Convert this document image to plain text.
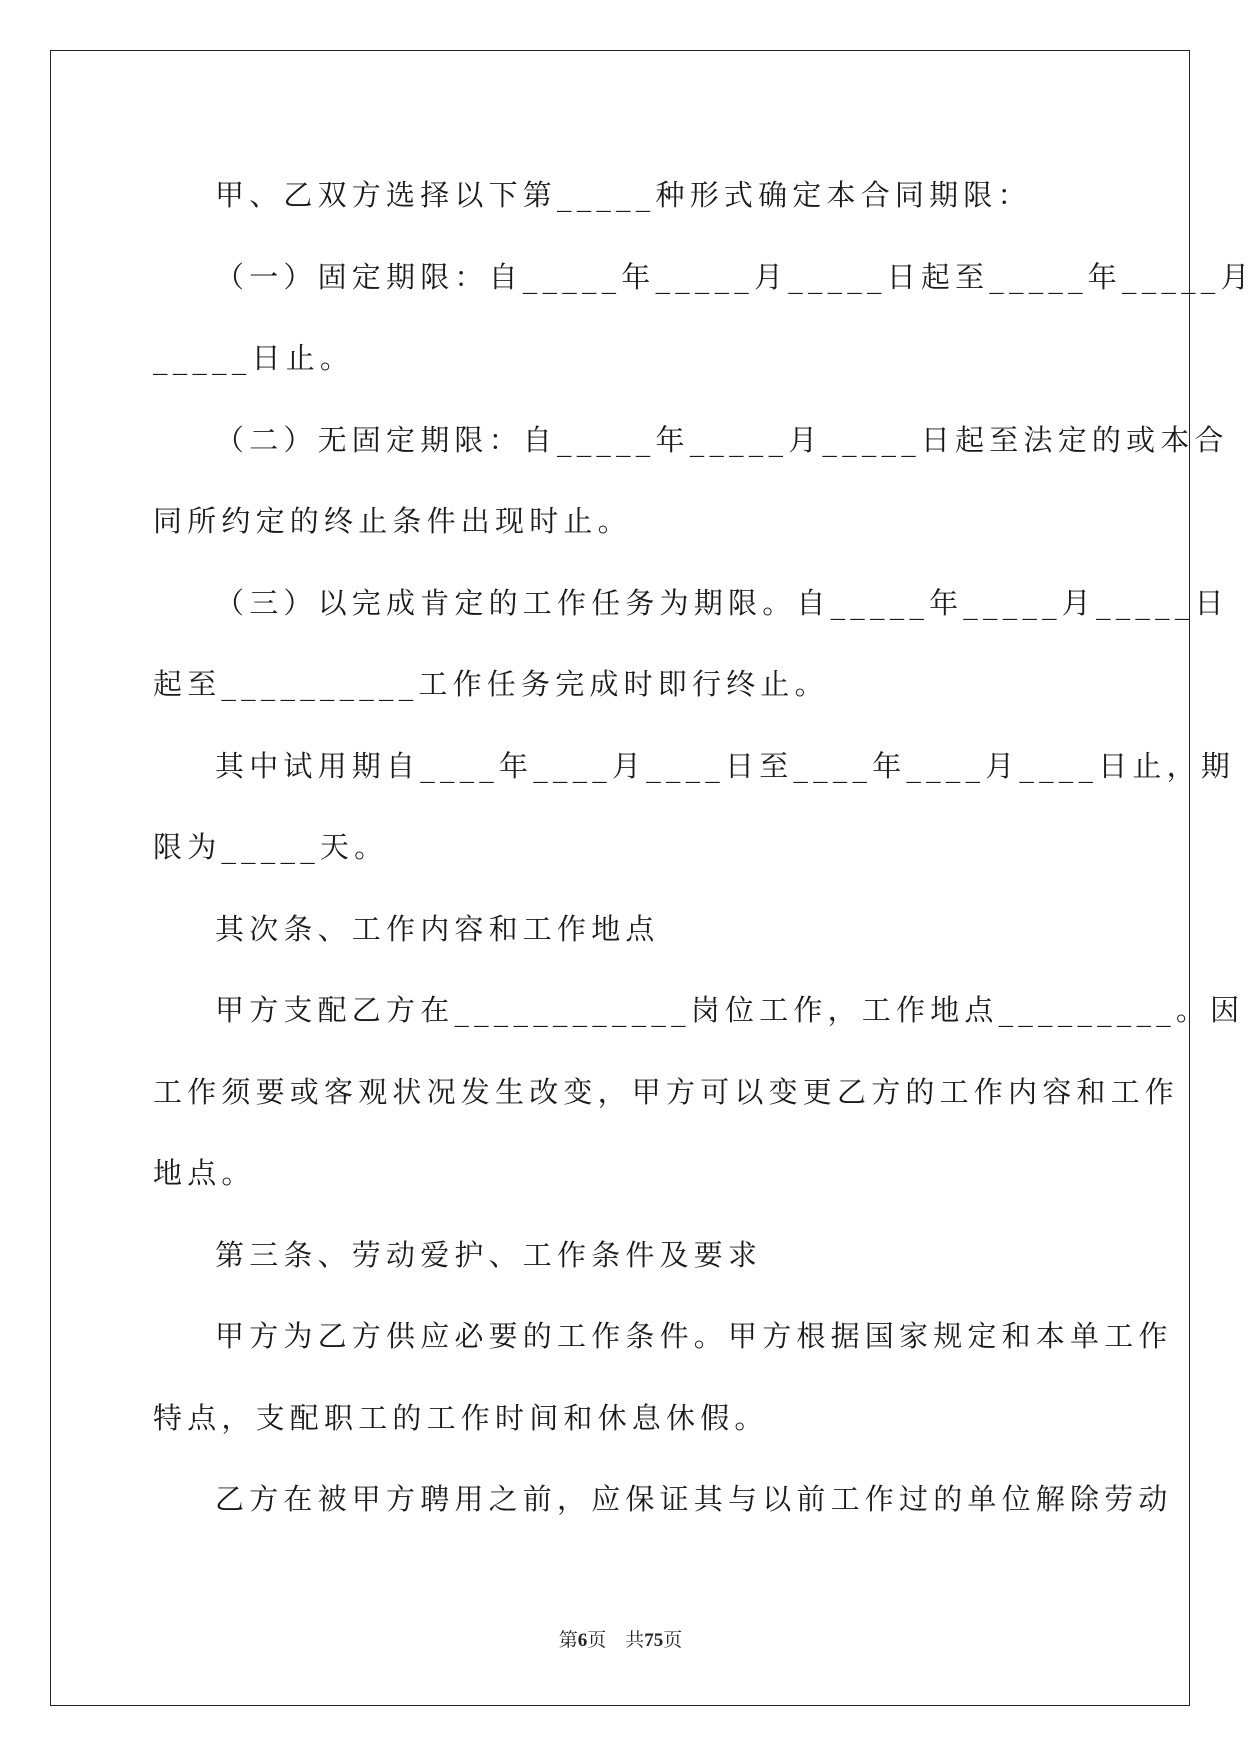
甲、乙双方选择以下第_____种形式确定本合同期限：
（一）固定期限：自_____年_____月_____日起至_____年_____月
_____日止。
（二）无固定期限：自_____年_____月_____日起至法定的或本合
同所约定的终止条件出现时止。
（三）以完成肯定的工作任务为期限。自_____年_____月_____日
起至__________工作任务完成时即行终止。
其中试用期自____年____月____日至____年____月____日止，期
限为_____天。
其次条、工作内容和工作地点
甲方支配乙方在____________岗位工作，工作地点_________。因
工作须要或客观状况发生改变，甲方可以变更乙方的工作内容和工作
地点。
第三条、劳动爱护、工作条件及要求
甲方为乙方供应必要的工作条件。甲方根据国家规定和本单工作
特点，支配职工的工作时间和休息休假。
乙方在被甲方聘用之前，应保证其与以前工作过的单位解除劳动
第6页　共75页
